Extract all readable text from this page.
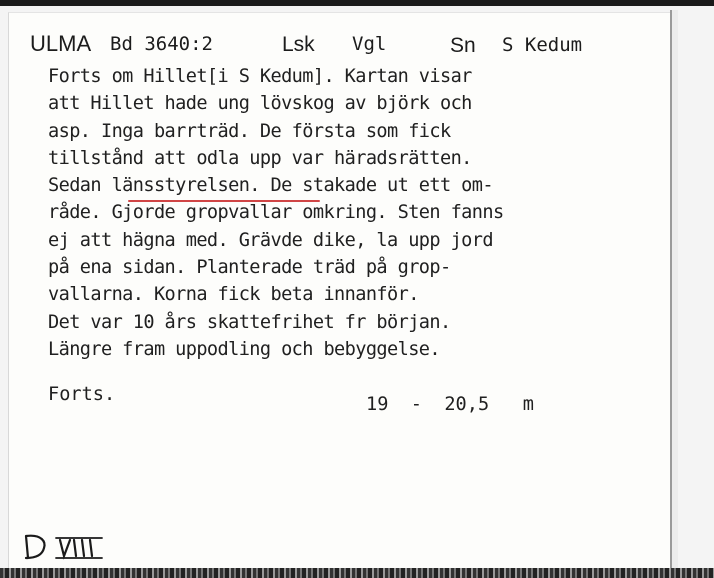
ULMA Bd 3640:2	Lsk Vgl	Sn S Kedum
Forts om Hillet[i S Kedum]. Kartan visar
att Hillet hade ung lövskog av björk och
asp. Inga barrträd. De första som fick
tillstånd att odla upp var häradsrätten.
Sedan länsstyrelsen. De stakade ut ett om-
råde. Gjorde gropvallar omkring. Sten fanns
ej att hägna med. Grävde dike, la upp jord
på ena sidan. Planterade träd på grop-
vallarna. Korna fick beta innanför.
Det var 10 års skattefrihet fr början.
Längre fram uppodling och bebyggelse.
Forts.	19  -  20,5   m
